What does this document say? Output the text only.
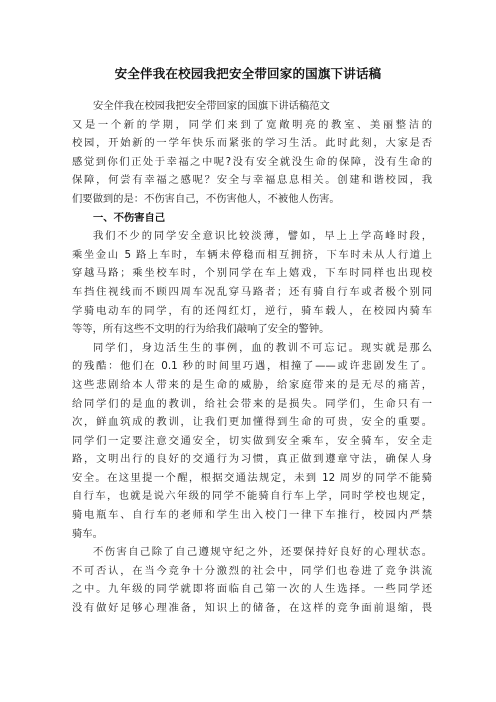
安全伴我在校园我把安全带回家的国旗下讲话稿
安全伴我在校园我把安全带回家的国旗下讲话稿范文
又是一个新的学期，同学们来到了宽敞明亮的教室、美丽整洁的
校园，开始新的一学年快乐而紧张的学习生活。此时此刻，大家是否
感觉到你们正处于幸福之中呢?没有安全就没生命的保障，没有生命的
保障，何尝有幸福之感呢？安全与幸福息息相关。创建和谐校园，我
们要做到的是：不伤害自己，不伤害他人，不被他人伤害。
一、不伤害自己
我们不少的同学安全意识比较淡薄，譬如，早上上学高峰时段，
乘坐金山 5 路上车时，车辆未停稳而相互拥挤，下车时未从人行道上
穿越马路；乘坐校车时，个别同学在车上嬉戏，下车时同样也出现校
车挡住视线而不顾四周车况乱穿马路者；还有骑自行车或者极个别同
学骑电动车的同学，有的还闯红灯，逆行，骑车载人，在校园内骑车
等等，所有这些不文明的行为给我们敲响了安全的警钟。
同学们，身边活生生的事例，血的教训不可忘记。现实就是那么
的残酷：他们在 0.1 秒的时间里巧遇，相撞了——或许悲剧发生了。
这些悲剧给本人带来的是生命的威胁，给家庭带来的是无尽的痛苦，
给同学们的是血的教训，给社会带来的是损失。同学们，生命只有一
次，鲜血筑成的教训，让我们更加懂得到生命的可贵，安全的重要。
同学们一定要注意交通安全，切实做到安全乘车，安全骑车，安全走
路，文明出行的良好的交通行为习惯，真正做到遵章守法，确保人身
安全。在这里提一个醒，根据交通法规定，未到 12 周岁的同学不能骑
自行车，也就是说六年级的同学不能骑自行车上学，同时学校也规定，
骑电瓶车、自行车的老师和学生出入校门一律下车推行，校园内严禁
骑车。
不伤害自己除了自己遵规守纪之外，还要保持好良好的心理状态。
不可否认，在当今竞争十分激烈的社会中，同学们也卷进了竞争洪流
之中。九年级的同学就即将面临自己第一次的人生选择。一些同学还
没有做好足够心理准备，知识上的储备，在这样的竞争面前退缩，畏
